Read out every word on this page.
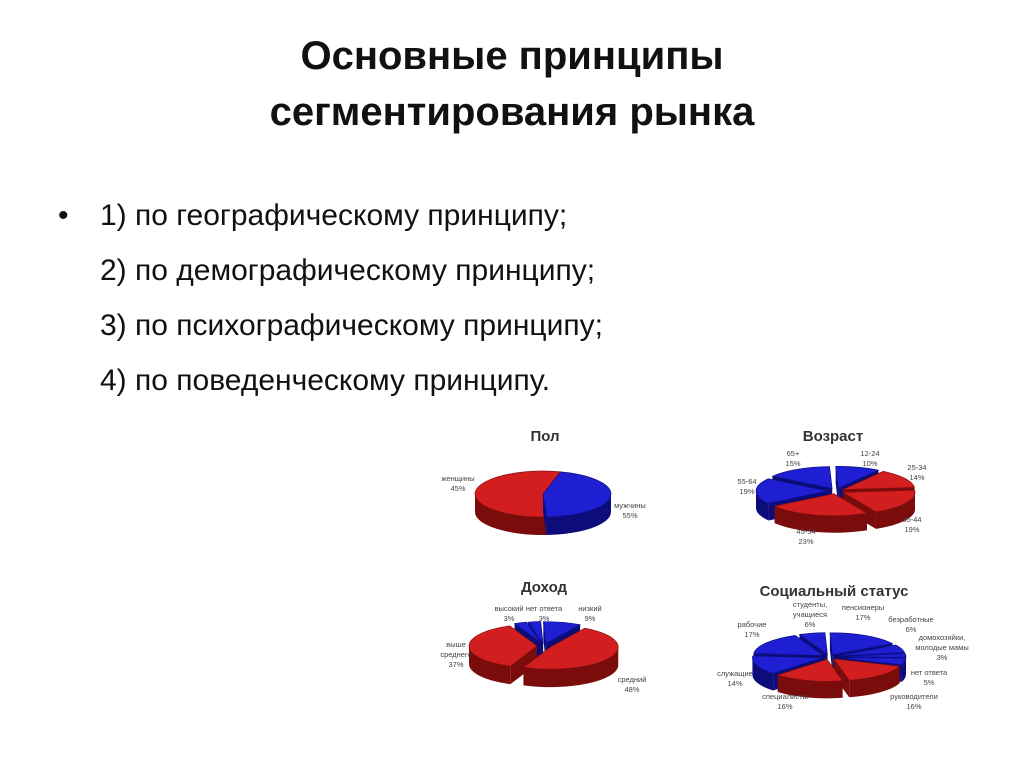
Основные принципы
сегментирования рынка
• 1) по географическому принципу;
2) по демографическому принципу;
3) по психографическому принципу;
4) по поведенческому принципу.
Пол
женщины
45%
мужчины
55%
Возраст
12-24
10%	25-34
14%
35-44
19%
45-54
23%
55-64
19%
65+
15%
Доход
низкий
9%
средний
48%
выше
среднего
37%
высокий
3%
нет ответа
3%
Социальный статус
пенсионеры
17% безработные
6%
домохозяйки,
молодые мамы
3%
нет ответа
5%
руководители
16%
специалисты
16%
служащие
14%
рабочие
17%
студенты,
учащиеся
6%
